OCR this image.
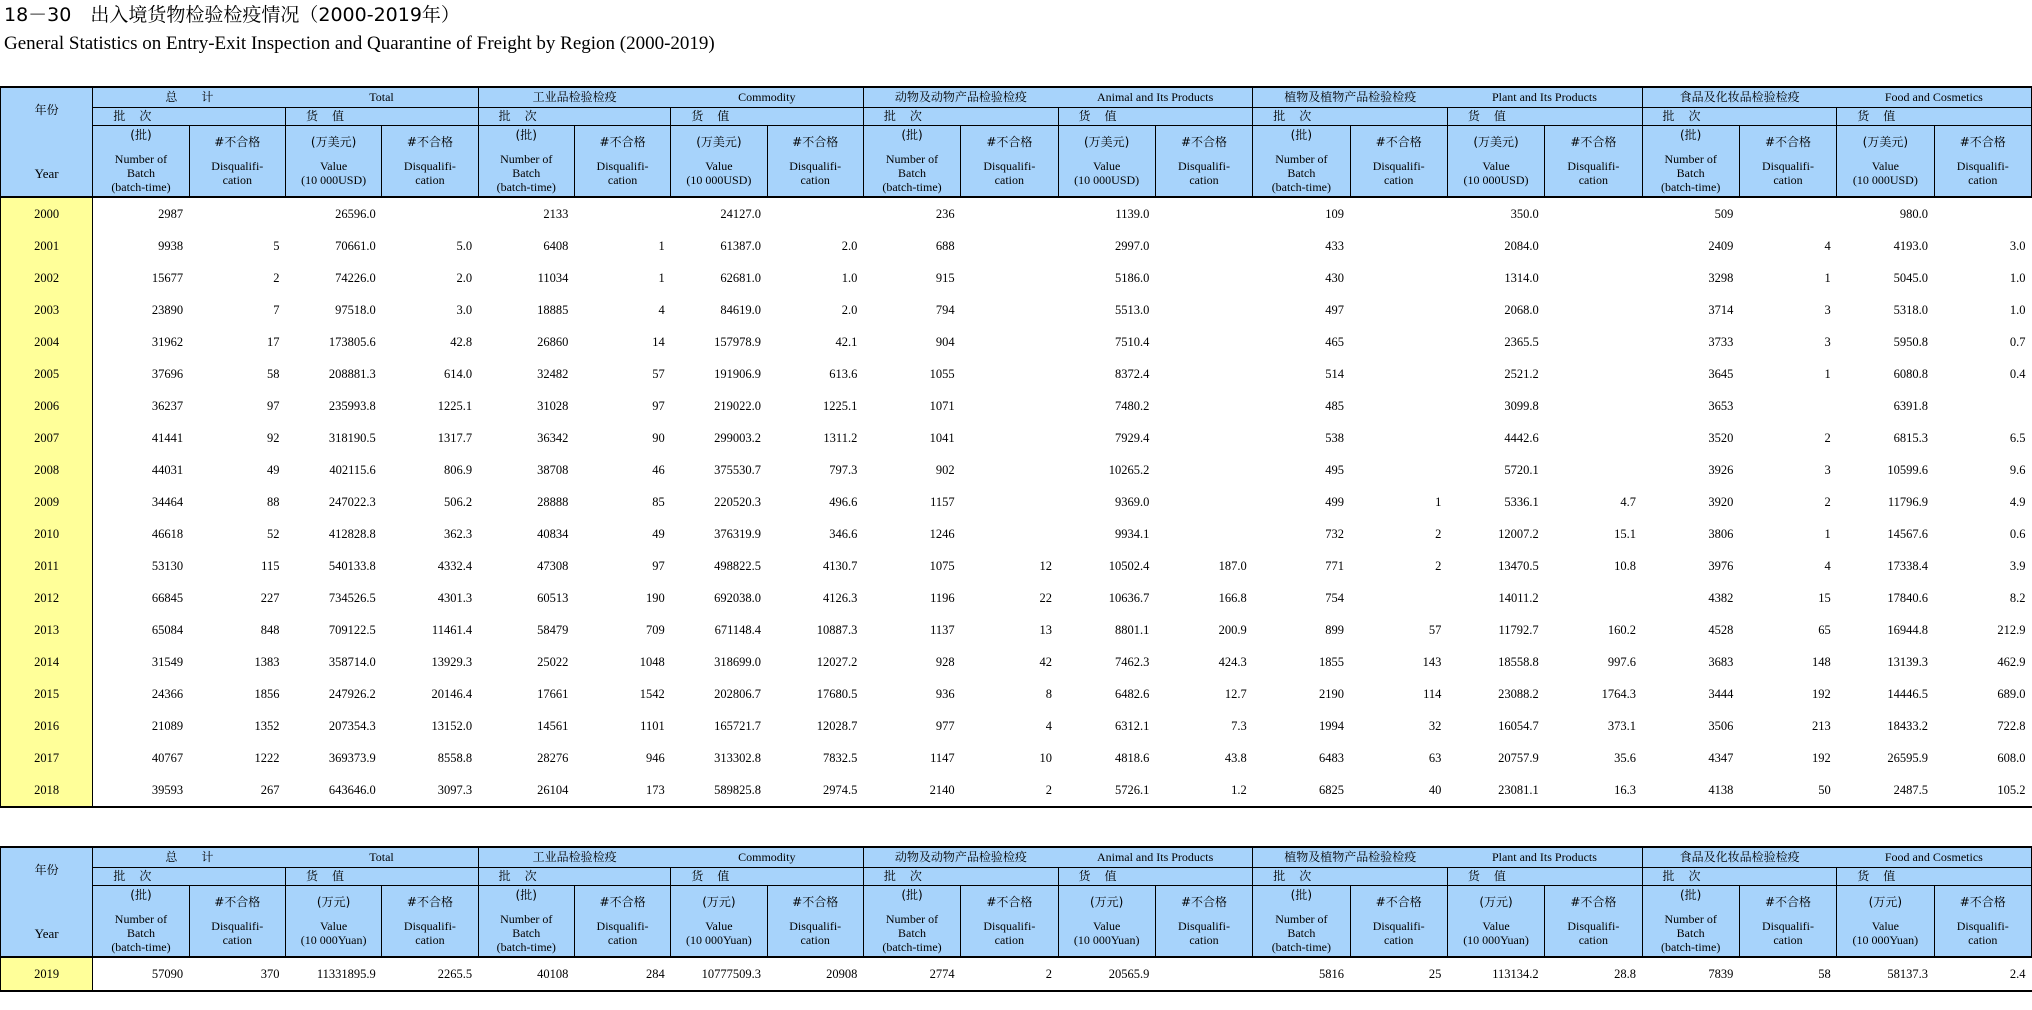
18－30　出入境货物检验检疫情况（2000-2019年）
General Statistics on Entry-Exit Inspection and Quarantine of Freight by Region (2000-2019)
年份
Year	总　　计		Total		工业品检验检疫		Commodity		动物及动物产品检验检疫		Animal and Its Products		植物及植物产品检验检疫		Plant and Its Products		食品及化妆品检验检疫		Food and Cosmetics	
	批　次		货　值		批　次		货　值		批　次		货　值		批　次		货　值		批　次		货　值	

	(批)
Number of
Batch
(batch-time)	#不合格
Disqualifi-
cation	(万美元)
Value
(10 000USD)	#不合格
Disqualifi-
cation	(批)
Number of
Batch
(batch-time)	#不合格
Disqualifi-
cation	(万美元)
Value
(10 000USD)	#不合格
Disqualifi-
cation	(批)
Number of
Batch
(batch-time)	#不合格
Disqualifi-
cation	(万美元)
Value
(10 000USD)	#不合格
Disqualifi-
cation	(批)
Number of
Batch
(batch-time)	#不合格
Disqualifi-
cation	(万美元)
Value
(10 000USD)	#不合格
Disqualifi-
cation	(批)
Number of
Batch
(batch-time)	#不合格
Disqualifi-
cation	(万美元)
Value
(10 000USD)	#不合格
Disqualifi-
cation

2000	2987		26596.0		2133		24127.0		236		1139.0		109		350.0		509		980.0	
2001	9938	5	70661.0	5.0	6408	1	61387.0	2.0	688		2997.0		433		2084.0		2409	4	4193.0	3.0
2002	15677	2	74226.0	2.0	11034	1	62681.0	1.0	915		5186.0		430		1314.0		3298	1	5045.0	1.0
2003	23890	7	97518.0	3.0	18885	4	84619.0	2.0	794		5513.0		497		2068.0		3714	3	5318.0	1.0
2004	31962	17	173805.6	42.8	26860	14	157978.9	42.1	904		7510.4		465		2365.5		3733	3	5950.8	0.7
2005	37696	58	208881.3	614.0	32482	57	191906.9	613.6	1055		8372.4		514		2521.2		3645	1	6080.8	0.4
2006	36237	97	235993.8	1225.1	31028	97	219022.0	1225.1	1071		7480.2		485		3099.8		3653		6391.8	
2007	41441	92	318190.5	1317.7	36342	90	299003.2	1311.2	1041		7929.4		538		4442.6		3520	2	6815.3	6.5
2008	44031	49	402115.6	806.9	38708	46	375530.7	797.3	902		10265.2		495		5720.1		3926	3	10599.6	9.6
2009	34464	88	247022.3	506.2	28888	85	220520.3	496.6	1157		9369.0		499	1	5336.1	4.7	3920	2	11796.9	4.9
2010	46618	52	412828.8	362.3	40834	49	376319.9	346.6	1246		9934.1		732	2	12007.2	15.1	3806	1	14567.6	0.6
2011	53130	115	540133.8	4332.4	47308	97	498822.5	4130.7	1075	12	10502.4	187.0	771	2	13470.5	10.8	3976	4	17338.4	3.9
2012	66845	227	734526.5	4301.3	60513	190	692038.0	4126.3	1196	22	10636.7	166.8	754		14011.2		4382	15	17840.6	8.2
2013	65084	848	709122.5	11461.4	58479	709	671148.4	10887.3	1137	13	8801.1	200.9	899	57	11792.7	160.2	4528	65	16944.8	212.9
2014	31549	1383	358714.0	13929.3	25022	1048	318699.0	12027.2	928	42	7462.3	424.3	1855	143	18558.8	997.6	3683	148	13139.3	462.9
2015	24366	1856	247926.2	20146.4	17661	1542	202806.7	17680.5	936	8	6482.6	12.7	2190	114	23088.2	1764.3	3444	192	14446.5	689.0
2016	21089	1352	207354.3	13152.0	14561	1101	165721.7	12028.7	977	4	6312.1	7.3	1994	32	16054.7	373.1	3506	213	18433.2	722.8
2017	40767	1222	369373.9	8558.8	28276	946	313302.8	7832.5	1147	10	4818.6	43.8	6483	63	20757.9	35.6	4347	192	26595.9	608.0
2018	39593	267	643646.0	3097.3	26104	173	589825.8	2974.5	2140	2	5726.1	1.2	6825	40	23081.1	16.3	4138	50	2487.5	105.2
年份
Year	总　　计		Total		工业品检验检疫		Commodity		动物及动物产品检验检疫		Animal and Its Products		植物及植物产品检验检疫		Plant and Its Products		食品及化妆品检验检疫		Food and Cosmetics	
	批　次		货　值		批　次		货　值		批　次		货　值		批　次		货　值		批　次		货　值	

	(批)
Number of
Batch
(batch-time)	#不合格
Disqualifi-
cation	(万元)
Value
(10 000Yuan)	#不合格
Disqualifi-
cation	(批)
Number of
Batch
(batch-time)	#不合格
Disqualifi-
cation	(万元)
Value
(10 000Yuan)	#不合格
Disqualifi-
cation	(批)
Number of
Batch
(batch-time)	#不合格
Disqualifi-
cation	(万元)
Value
(10 000Yuan)	#不合格
Disqualifi-
cation	(批)
Number of
Batch
(batch-time)	#不合格
Disqualifi-
cation	(万元)
Value
(10 000Yuan)	#不合格
Disqualifi-
cation	(批)
Number of
Batch
(batch-time)	#不合格
Disqualifi-
cation	(万元)
Value
(10 000Yuan)	#不合格
Disqualifi-
cation

2019	57090	370	11331895.9	2265.5	40108	284	10777509.3	20908	2774	2	20565.9		5816	25	113134.2	28.8	7839	58	58137.3	2.4
